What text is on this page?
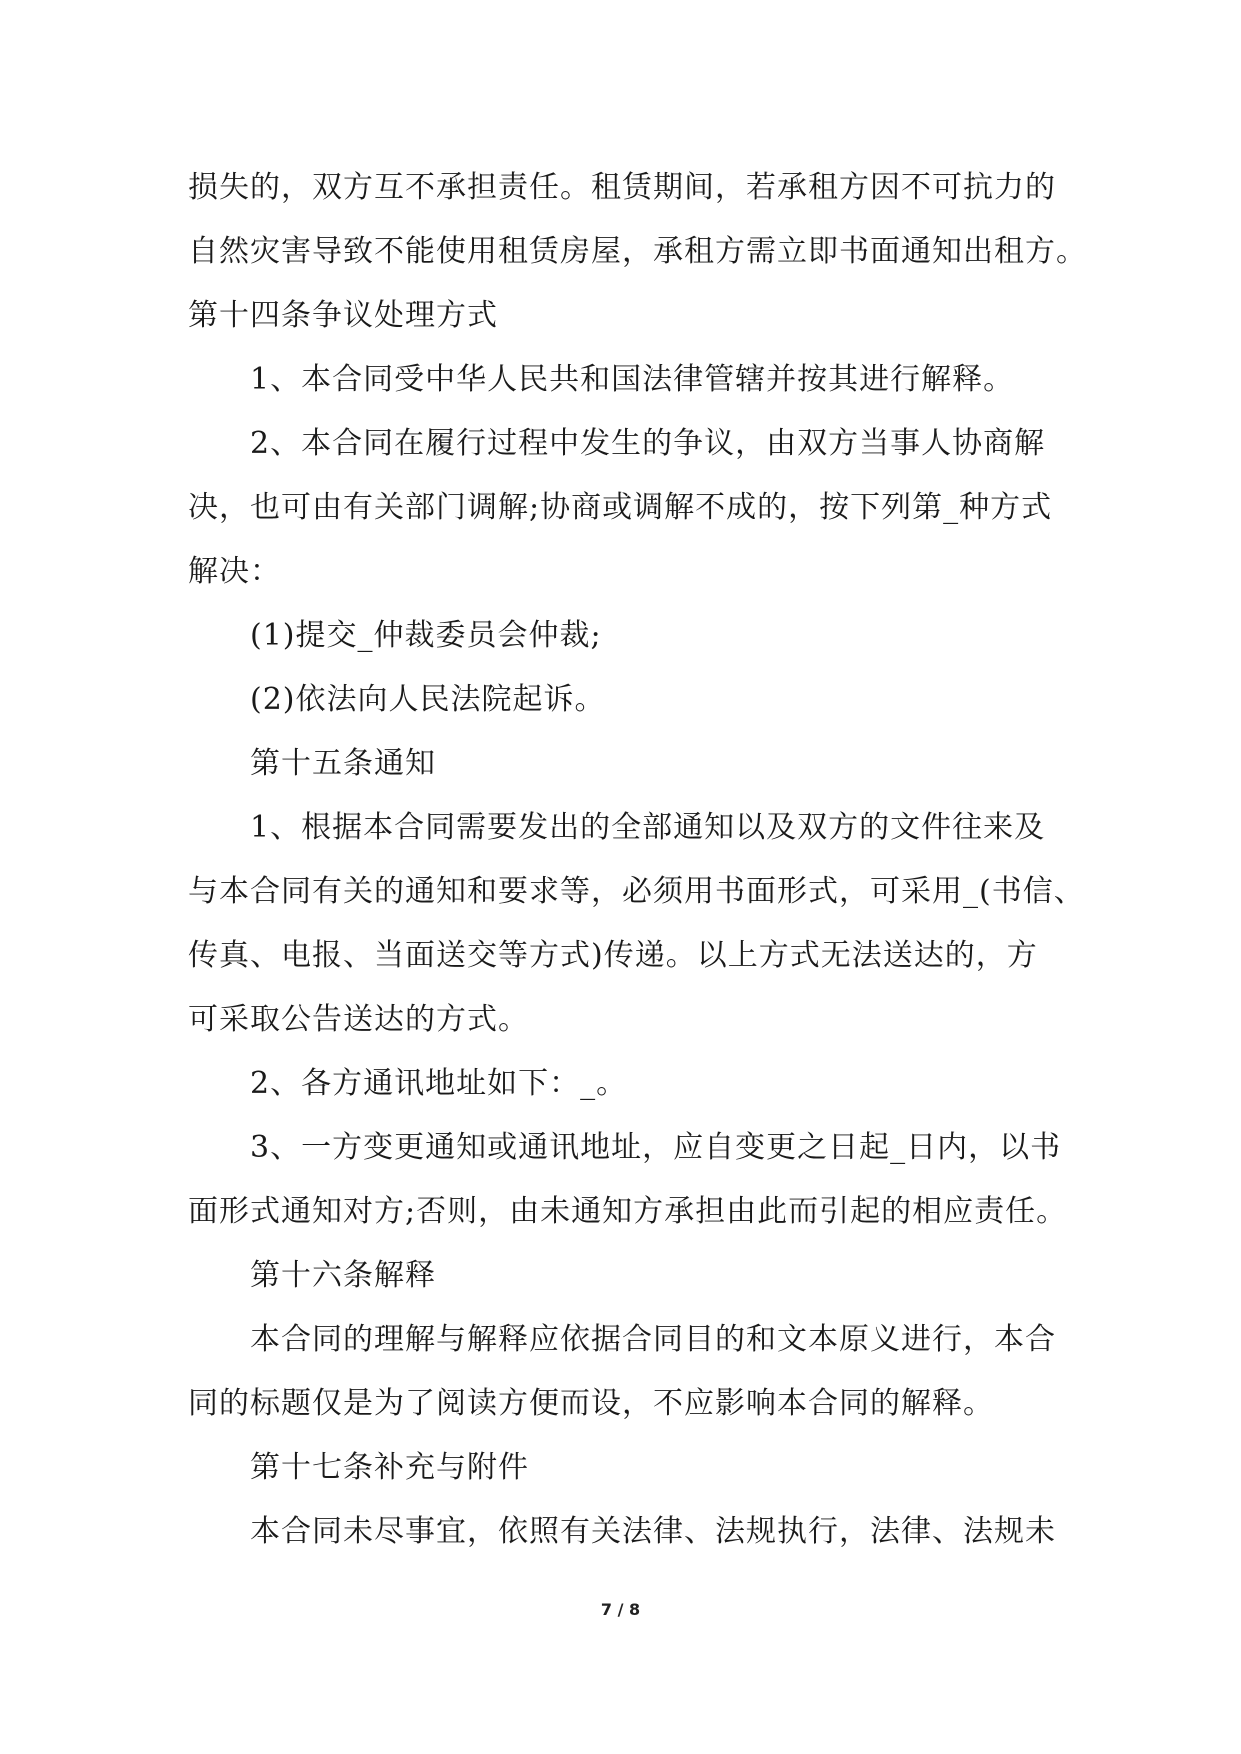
损失的，双方互不承担责任。租赁期间，若承租方因不可抗力的
自然灾害导致不能使用租赁房屋，承租方需立即书面通知出租方。
第十四条争议处理方式
1、本合同受中华人民共和国法律管辖并按其进行解释。
2、本合同在履行过程中发生的争议，由双方当事人协商解
决，也可由有关部门调解;协商或调解不成的，按下列第_种方式
解决：
(1)提交_仲裁委员会仲裁;
(2)依法向人民法院起诉。
第十五条通知
1、根据本合同需要发出的全部通知以及双方的文件往来及
与本合同有关的通知和要求等，必须用书面形式，可采用_(书信、
传真、电报、当面送交等方式)传递。以上方式无法送达的，方
可采取公告送达的方式。
2、各方通讯地址如下：_。
3、一方变更通知或通讯地址，应自变更之日起_日内，以书
面形式通知对方;否则，由未通知方承担由此而引起的相应责任。
第十六条解释
本合同的理解与解释应依据合同目的和文本原义进行，本合
同的标题仅是为了阅读方便而设，不应影响本合同的解释。
第十七条补充与附件
本合同未尽事宜，依照有关法律、法规执行，法律、法规未
7 / 8
